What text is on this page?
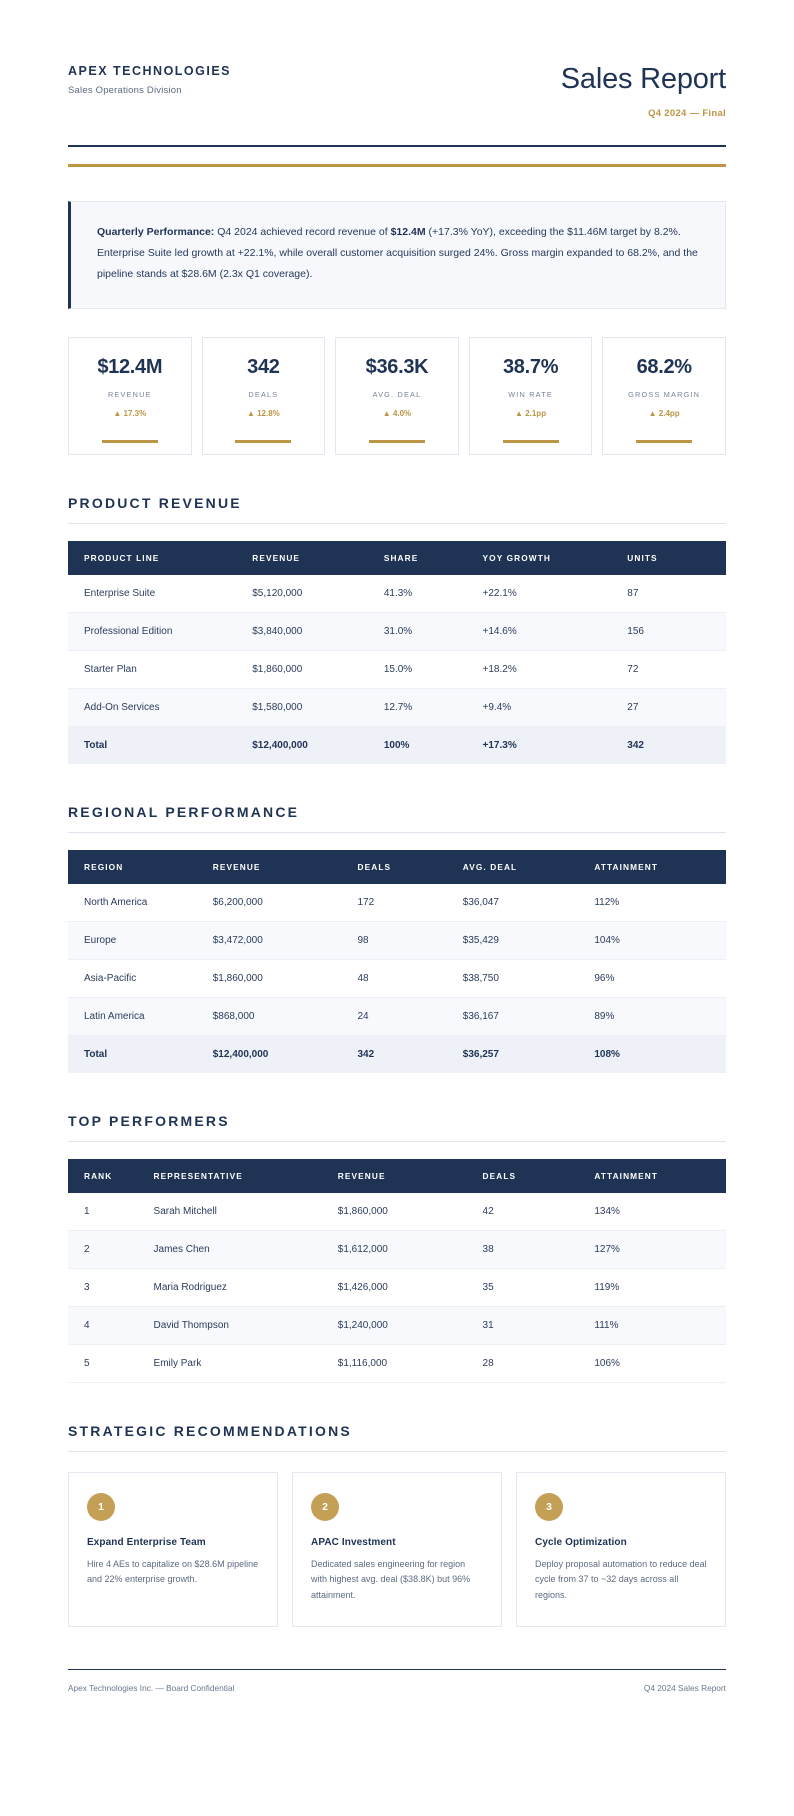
APEX TECHNOLOGIES
Sales Operations Division	Sales Report
Q4 2024 — Final

Quarterly Performance: Q4 2024 achieved record revenue of $12.4M (+17.3% YoY), exceeding the $11.46M target by 8.2%. Enterprise Suite led growth at +22.1%, while overall customer acquisition surged 24%. Gross margin expanded to 68.2%, and the pipeline stands at $28.6M (2.3x Q1 coverage).

$12.4M
REVENUE
▲ 17.3%
342
DEALS
▲ 12.8%
$36.3K
AVG. DEAL
▲ 4.0%
38.7%
WIN RATE
▲ 2.1pp
68.2%
GROSS MARGIN
▲ 2.4pp
PRODUCT REVENUE
PRODUCT LINE	REVENUE	SHARE	YOY GROWTH	UNITS
Enterprise Suite	$5,120,000	41.3%	+22.1%	87
Professional Edition	$3,840,000	31.0%	+14.6%	156
Starter Plan	$1,860,000	15.0%	+18.2%	72
Add-On Services	$1,580,000	12.7%	+9.4%	27
Total	$12,400,000	100%	+17.3%	342
REGIONAL PERFORMANCE
REGION	REVENUE	DEALS	AVG. DEAL	ATTAINMENT
North America	$6,200,000	172	$36,047	112%
Europe	$3,472,000	98	$35,429	104%
Asia-Pacific	$1,860,000	48	$38,750	96%
Latin America	$868,000	24	$36,167	89%
Total	$12,400,000	342	$36,257	108%
TOP PERFORMERS
RANK	REPRESENTATIVE	REVENUE	DEALS	ATTAINMENT
1	Sarah Mitchell	$1,860,000	42	134%
2	James Chen	$1,612,000	38	127%
3	Maria Rodriguez	$1,426,000	35	119%
4	David Thompson	$1,240,000	31	111%
5	Emily Park	$1,116,000	28	106%
STRATEGIC RECOMMENDATIONS
1
Expand Enterprise Team
Hire 4 AEs to capitalize on $28.6M pipeline and 22% enterprise growth.
2
APAC Investment
Dedicated sales engineering for region with highest avg. deal ($38.8K) but 96% attainment.
3
Cycle Optimization
Deploy proposal automation to reduce deal cycle from 37 to ~32 days across all regions.
Apex Technologies Inc. — Board Confidential	Q4 2024 Sales Report
